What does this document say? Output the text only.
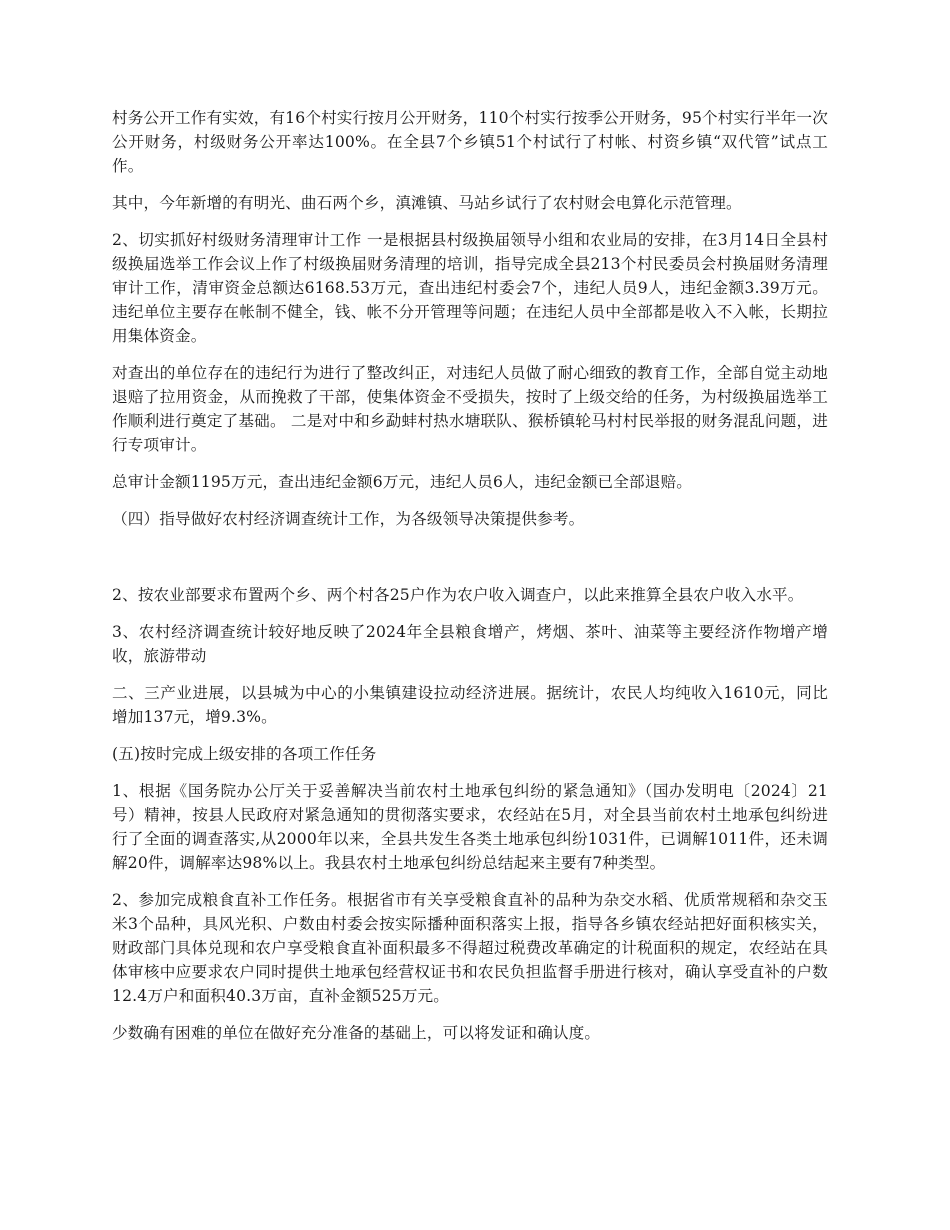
村务公开工作有实效，有16个村实行按月公开财务，110个村实行按季公开财务，95个村实行半年一次公开财务，村级财务公开率达100%。在全县7个乡镇51个村试行了村帐、村资乡镇“双代管”试点工作。

其中，今年新增的有明光、曲石两个乡，滇滩镇、马站乡试行了农村财会电算化示范管理。

2、切实抓好村级财务清理审计工作 一是根据县村级换届领导小组和农业局的安排，在3月14日全县村级换届选举工作会议上作了村级换届财务清理的培训，指导完成全县213个村民委员会村换届财务清理审计工作，清审资金总额达6168.53万元，查出违纪村委会7个，违纪人员9人，违纪金额3.39万元。违纪单位主要存在帐制不健全，钱、帐不分开管理等问题；在违纪人员中全部都是收入不入帐，长期拉用集体资金。

对查出的单位存在的违纪行为进行了整改纠正，对违纪人员做了耐心细致的教育工作，全部自觉主动地退赔了拉用资金，从而挽救了干部，使集体资金不受损失，按时了上级交给的任务，为村级换届选举工作顺利进行奠定了基础。 二是对中和乡勐蚌村热水塘联队、猴桥镇轮马村村民举报的财务混乱问题，进行专项审计。

总审计金额1195万元，查出违纪金额6万元，违纪人员6人，违纪金额已全部退赔。

（四）指导做好农村经济调查统计工作，为各级领导决策提供参考。

2、按农业部要求布置两个乡、两个村各25户作为农户收入调查户，以此来推算全县农户收入水平。

3、农村经济调查统计较好地反映了2024年全县粮食增产，烤烟、茶叶、油菜等主要经济作物增产增收，旅游带动

二、三产业进展，以县城为中心的小集镇建设拉动经济进展。据统计，农民人均纯收入1610元，同比增加137元，增9.3%。

(五)按时完成上级安排的各项工作任务

1、根据《国务院办公厅关于妥善解决当前农村土地承包纠纷的紧急通知》（国办发明电〔2024〕21号）精神，按县人民政府对紧急通知的贯彻落实要求，农经站在5月，对全县当前农村土地承包纠纷进行了全面的调查落实,从2000年以来，全县共发生各类土地承包纠纷1031件，已调解1011件，还未调解20件，调解率达98%以上。我县农村土地承包纠纷总结起来主要有7种类型。

2、参加完成粮食直补工作任务。根据省市有关享受粮食直补的品种为杂交水稻、优质常规稻和杂交玉米3个品种，具风光积、户数由村委会按实际播种面积落实上报，指导各乡镇农经站把好面积核实关，财政部门具体兑现和农户享受粮食直补面积最多不得超过税费改革确定的计税面积的规定，农经站在具体审核中应要求农户同时提供土地承包经营权证书和农民负担监督手册进行核对，确认享受直补的户数12.4万户和面积40.3万亩，直补金额525万元。

少数确有困难的单位在做好充分准备的基础上，可以将发证和确认度。
